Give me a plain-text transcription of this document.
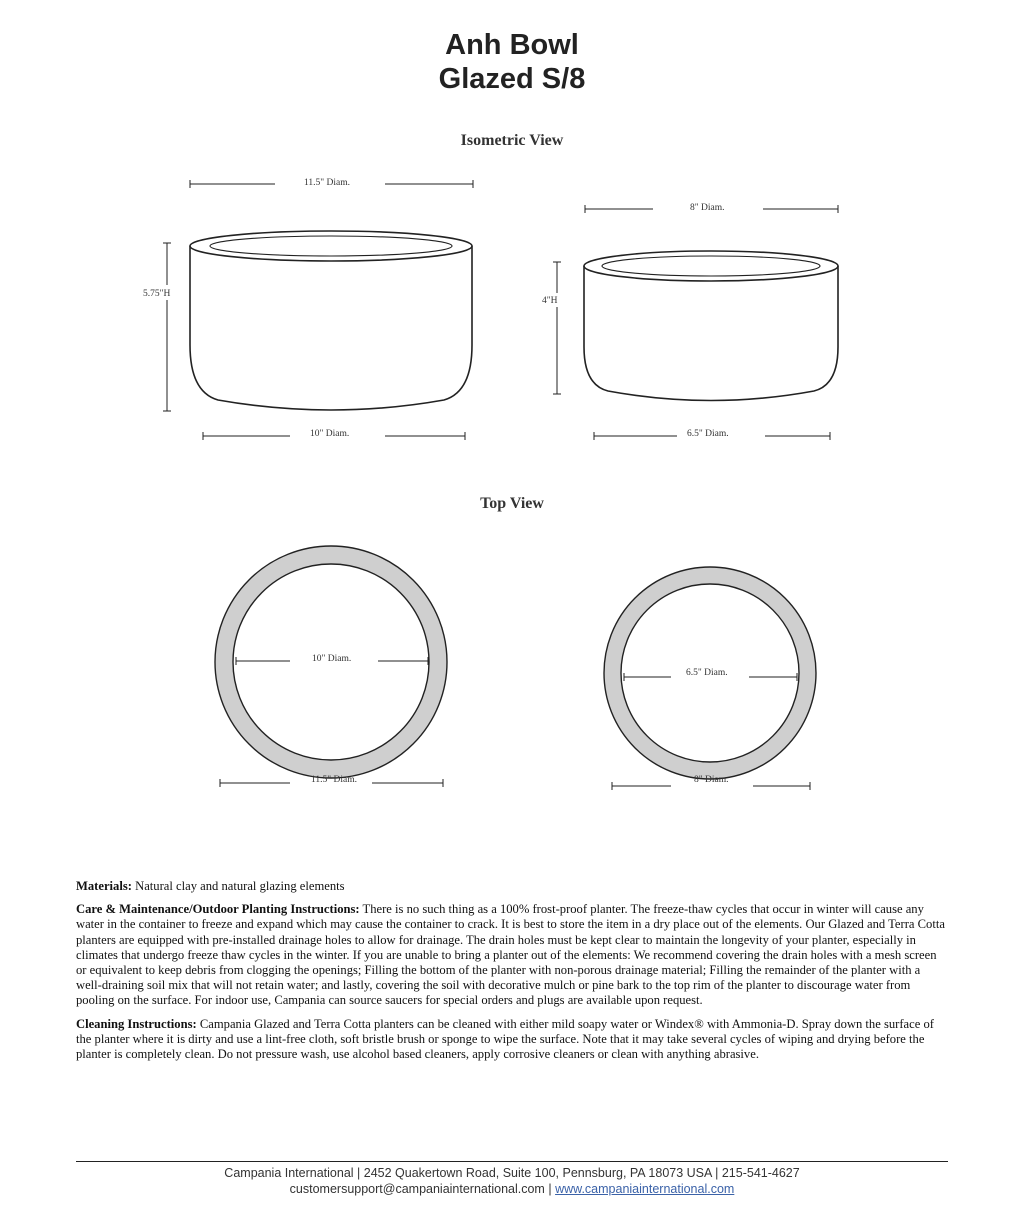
Anh Bowl
Glazed S/8
Isometric View
Top View
11.5" Diam.
5.75"H
10" Diam.
8" Diam.
4"H
6.5" Diam.
10" Diam.
11.5" Diam.
6.5" Diam.
8" Diam.

Materials: Natural clay and natural glazing elements

Care & Maintenance/Outdoor Planting Instructions: There is no such thing as a 100% frost-proof planter. The freeze-thaw cycles that occur in winter will cause any water in the container to freeze and expand which may cause the container to crack. It is best to store the item in a dry place out of the elements. Our Glazed and Terra Cotta planters are equipped with pre-installed drainage holes to allow for drainage. The drain holes must be kept clear to maintain the longevity of your planter, especially in climates that undergo freeze thaw cycles in the winter. If you are unable to bring a planter out of the elements: We recommend covering the drain holes with a mesh screen or equivalent to keep debris from clogging the openings; Filling the bottom of the planter with non-porous drainage material; Filling the remainder of the planter with a well-draining soil mix that will not retain water; and lastly, covering the soil with decorative mulch or pine bark to the top rim of the planter to discourage water from pooling on the surface. For indoor use, Campania can source saucers for special orders and plugs are available upon request.

Cleaning Instructions: Campania Glazed and Terra Cotta planters can be cleaned with either mild soapy water or Windex® with Ammonia-D. Spray down the surface of the planter where it is dirty and use a lint-free cloth, soft bristle brush or sponge to wipe the surface. Note that it may take several cycles of wiping and drying before the planter is completely clean. Do not pressure wash, use alcohol based cleaners, apply corrosive cleaners or clean with anything abrasive.

Campania International | 2452 Quakertown Road, Suite 100, Pennsburg, PA 18073 USA | 215-541-4627
customersupport@campaniainternational.com | www.campaniainternational.com
